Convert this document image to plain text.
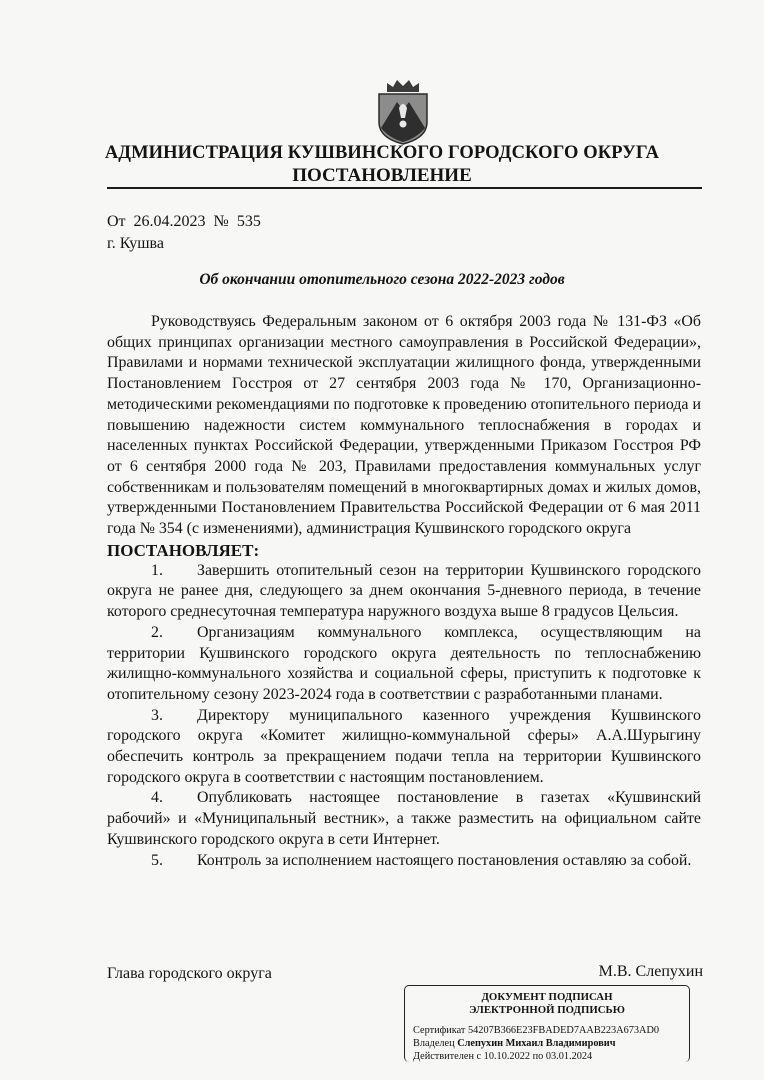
АДМИНИСТРАЦИЯ КУШВИНСКОГО ГОРОДСКОГО ОКРУГА
ПОСТАНОВЛЕНИЕ
От  26.04.2023  №  535
г. Кушва
Об окончании отопительного сезона 2022-2023 годов

Руководствуясь Федеральным законом от 6 октября 2003 года № 131-ФЗ «Об общих принципах организации местного самоуправления в Российской Федерации», Правилами и нормами технической эксплуатации жилищного фонда, утвержденными Постановлением Госстроя от 27 сентября 2003 года № 170, Организационно-методическими рекомендациями по подготовке к проведению отопительного периода и повышению надежности систем коммунального теплоснабжения в городах и населенных пунктах Российской Федерации, утвержденными Приказом Госстроя РФ от 6 сентября 2000 года № 203, Правилами предоставления коммунальных услуг собственникам и пользователям помещений в многоквартирных домах и жилых домов, утвержденными Постановлением Правительства Российской Федерации от 6 мая 2011 года № 354 (с изменениями), администрация Кушвинского городского округа

ПОСТАНОВЛЯЕТ:

1. Завершить отопительный сезон на территории Кушвинского городского округа не ранее дня, следующего за днем окончания 5-дневного периода, в течение которого среднесуточная температура наружного воздуха выше 8 градусов Цельсия.

2. Организациям коммунального комплекса, осуществляющим на территории Кушвинского городского округа деятельность по теплоснабжению жилищно-коммунального хозяйства и социальной сферы, приступить к подготовке к отопительному сезону 2023-2024 года в соответствии с разработанными планами.

3. Директору муниципального казенного учреждения Кушвинского городского округа «Комитет жилищно-коммунальной сферы» А.А.Шурыгину обеспечить контроль за прекращением подачи тепла на территории Кушвинского городского округа в соответствии с настоящим постановлением.

4. Опубликовать настоящее постановление в газетах «Кушвинский рабочий» и «Муниципальный вестник», а также разместить на официальном сайте Кушвинского городского округа в сети Интернет.

5. Контроль за исполнением настоящего постановления оставляю за собой.

Глава городского округа	М.В. Слепухин
ДОКУМЕНТ ПОДПИСАН
ЭЛЕКТРОННОЙ ПОДПИСЬЮ
Сертификат 54207B366E23FBADED7AAB223A673AD0
Владелец Слепухин Михаил Владимирович
Действителен с 10.10.2022 по 03.01.2024
